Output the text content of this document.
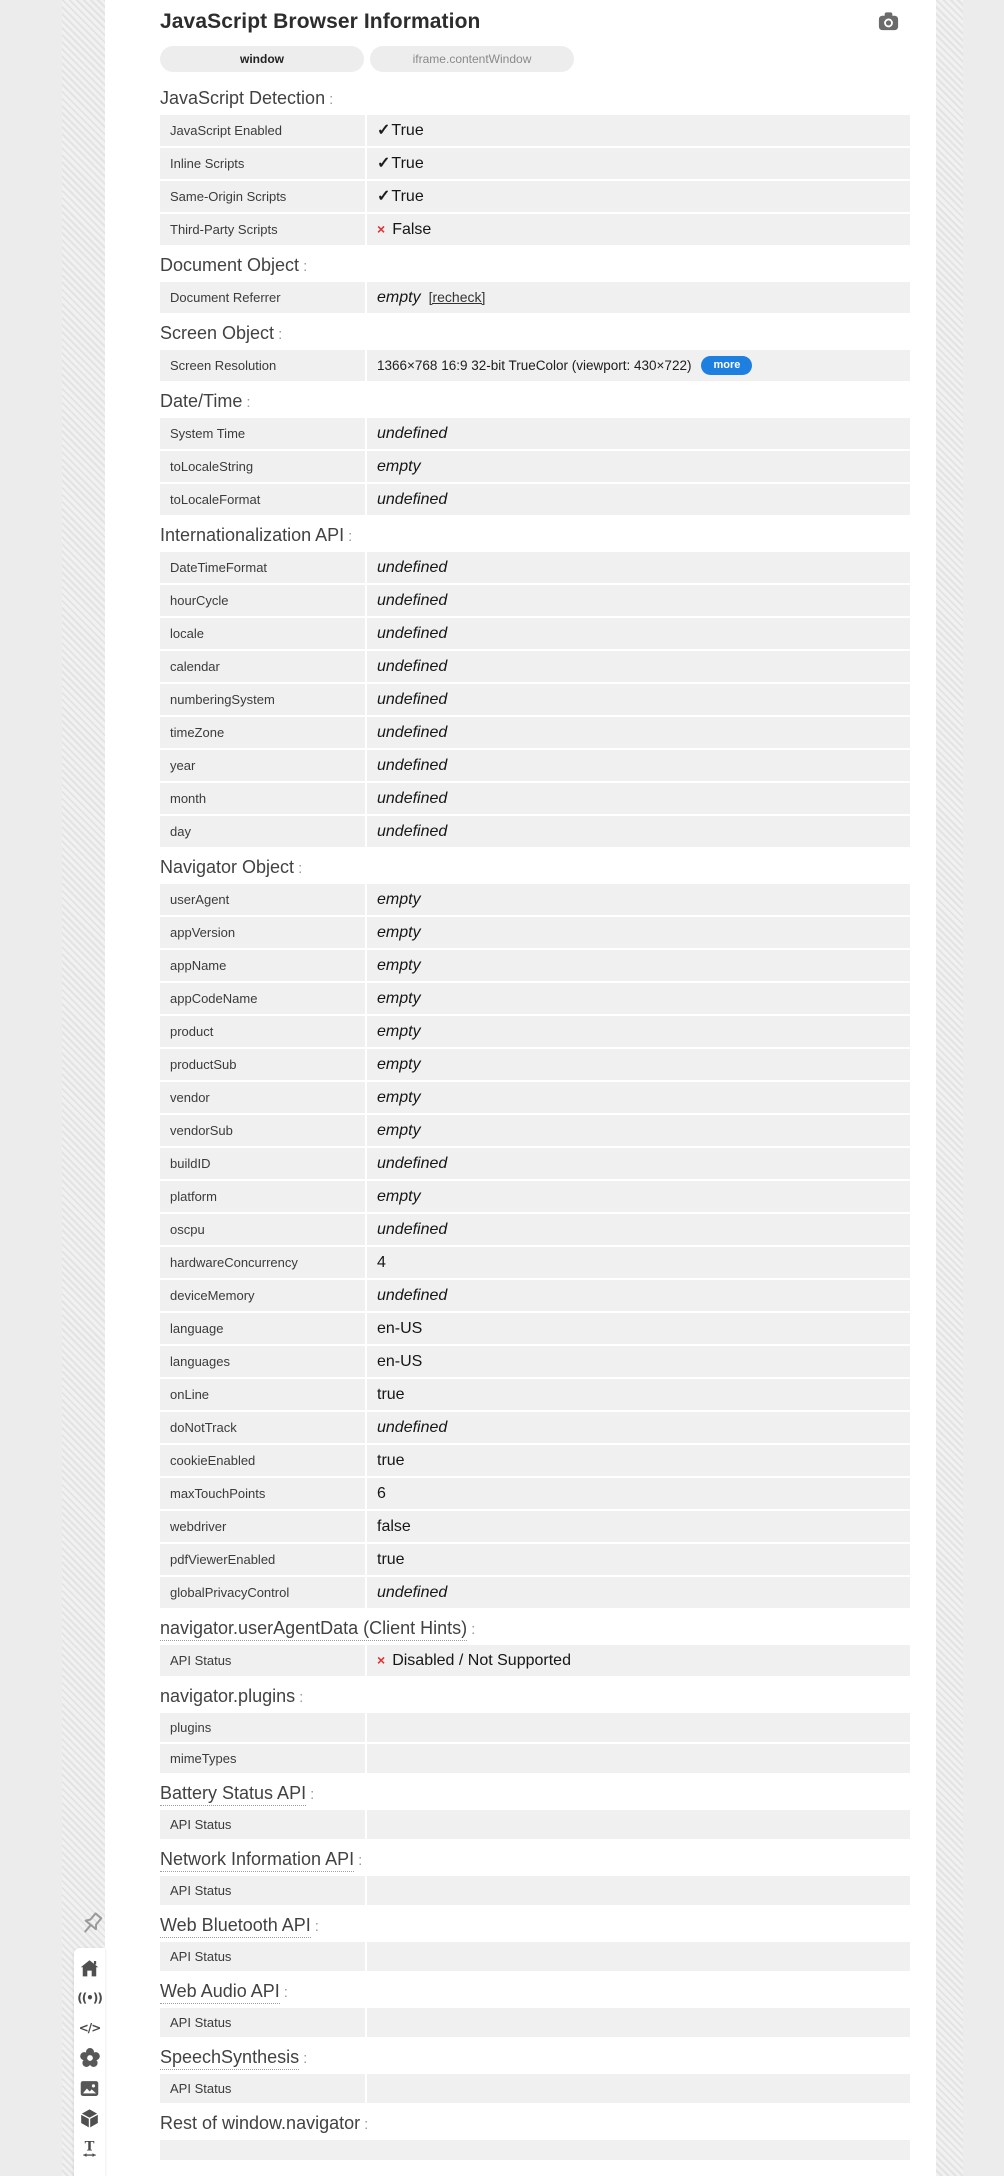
JavaScript Browser Information
window	iframe.contentWindow
JavaScript Detection :
JavaScript Enabled	✓ True
Inline Scripts	✓ True
Same-Origin Scripts	✓ True
Third-Party Scripts	× False
Document Object :
Document Referrer	empty [recheck]
Screen Object :
Screen Resolution	1366×768 16:9 32-bit TrueColor (viewport: 430×722)	more
Date/Time :
System Time	undefined
toLocaleString	empty
toLocaleFormat	undefined
Internationalization API :
DateTimeFormat	undefined
hourCycle	undefined
locale	undefined
calendar	undefined
numberingSystem	undefined
timeZone	undefined
year	undefined
month	undefined
day	undefined
Navigator Object :
userAgent	empty
appVersion	empty
appName	empty
appCodeName	empty
product	empty
productSub	empty
vendor	empty
vendorSub	empty
buildID	undefined
platform	empty
oscpu	undefined
hardwareConcurrency	4
deviceMemory	undefined
language	en-US
languages	en-US
onLine	true
doNotTrack	undefined
cookieEnabled	true
maxTouchPoints	6
webdriver	false
pdfViewerEnabled	true
globalPrivacyControl	undefined
navigator.userAgentData (Client Hints) :
API Status	× Disabled / Not Supported
navigator.plugins :
plugins
mimeTypes
Battery Status API :
API Status
Network Information API :
API Status
Web Bluetooth API :
API Status
Web Audio API :
API Status
SpeechSynthesis :
API Status
Rest of window.navigator :
((•))
</>
T
